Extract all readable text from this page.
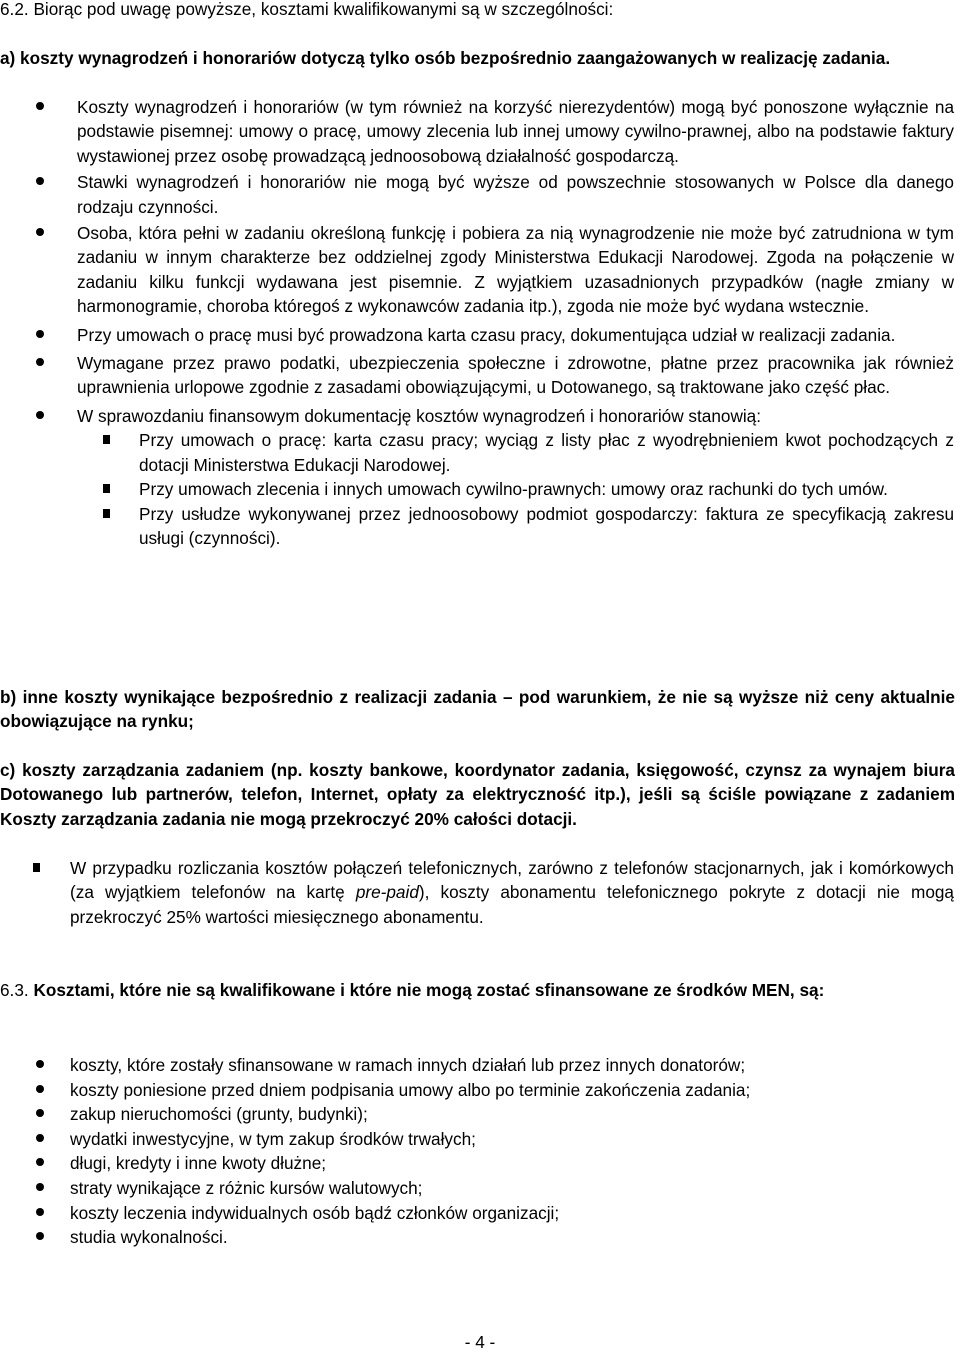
6.2. Biorąc pod uwagę powyższe, kosztami kwalifikowanymi są w szczególności:

a) koszty wynagrodzeń i honorariów dotyczą tylko osób bezpośrednio zaangażowanych w realizację zadania.

Koszty wynagrodzeń i honorariów (w tym również na korzyść nierezydentów) mogą być ponoszone wyłącznie na podstawie pisemnej: umowy o pracę, umowy zlecenia lub innej umowy cywilno-prawnej, albo na podstawie faktury wystawionej przez osobę prowadzącą jednoosobową działalność gospodarczą.

Stawki wynagrodzeń i honorariów nie mogą być wyższe od powszechnie stosowanych w Polsce dla danego rodzaju czynności.

Osoba, która pełni w zadaniu określoną funkcję i pobiera za nią wynagrodzenie nie może być zatrudniona w tym zadaniu w innym charakterze bez oddzielnej zgody Ministerstwa Edukacji Narodowej. Zgoda na połączenie w zadaniu kilku funkcji wydawana jest pisemnie. Z wyjątkiem uzasadnionych przypadków (nagłe zmiany w harmonogramie, choroba któregoś z wykonawców zadania itp.), zgoda nie może być wydana wstecznie.

Przy umowach o pracę musi być prowadzona karta czasu pracy, dokumentująca udział w realizacji zadania.

Wymagane przez prawo podatki, ubezpieczenia społeczne i zdrowotne, płatne przez pracownika jak również uprawnienia urlopowe zgodnie z zasadami obowiązującymi, u Dotowanego, są traktowane jako część płac.

W sprawozdaniu finansowym dokumentację kosztów wynagrodzeń i honorariów stanowią:

Przy umowach o pracę: karta czasu pracy; wyciąg z listy płac z wyodrębnieniem kwot pochodzących z dotacji Ministerstwa Edukacji Narodowej.

Przy umowach zlecenia i innych umowach cywilno-prawnych: umowy oraz rachunki do tych umów.

Przy usłudze wykonywanej przez jednoosobowy podmiot gospodarczy: faktura ze specyfikacją zakresu usługi (czynności).

b) inne koszty wynikające bezpośrednio z realizacji zadania – pod warunkiem, że nie są wyższe niż ceny aktualnie obowiązujące na rynku;

c) koszty zarządzania zadaniem (np. koszty bankowe, koordynator zadania, księgowość, czynsz za wynajem biura Dotowanego lub partnerów, telefon, Internet, opłaty za elektryczność itp.), jeśli są ściśle powiązane z zadaniem Koszty zarządzania zadania nie mogą przekroczyć 20% całości dotacji.

W przypadku rozliczania kosztów połączeń telefonicznych, zarówno z telefonów stacjonarnych, jak i komórkowych (za wyjątkiem telefonów na kartę pre-paid), koszty abonamentu telefonicznego pokryte z dotacji nie mogą przekroczyć 25% wartości miesięcznego abonamentu.

6.3. Kosztami, które nie są kwalifikowane i które nie mogą zostać sfinansowane ze środków MEN, są:

koszty, które zostały sfinansowane w ramach innych działań lub przez innych donatorów;

koszty poniesione przed dniem podpisania umowy albo po terminie zakończenia zadania;

zakup nieruchomości (grunty, budynki);

wydatki inwestycyjne, w tym zakup środków trwałych;

długi, kredyty i inne kwoty dłużne;

straty wynikające z różnic kursów walutowych;

koszty leczenia indywidualnych osób bądź członków organizacji;

studia wykonalności.

- 4 -
